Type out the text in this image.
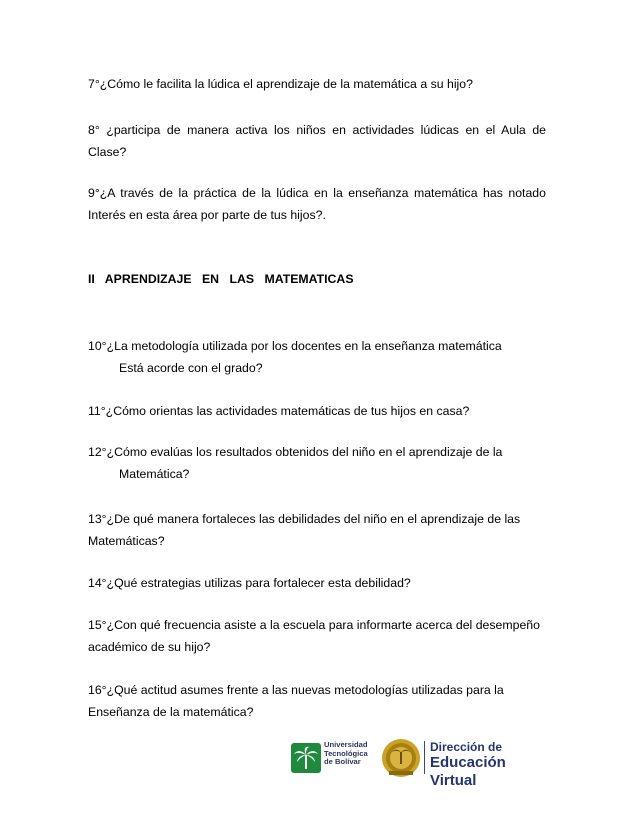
7°¿Cómo le facilita la lúdica el aprendizaje de la matemática a su hijo?

8° ¿participa de manera activa los niños en actividades lúdicas en el Aula de Clase?

9°¿A través de la práctica de la lúdica en la enseñanza matemática has notado Interés en esta área por parte de tus hijos?.

II APRENDIZAJE EN LAS MATEMATICAS

10°¿La metodología utilizada por los docentes en la enseñanza matemática
Está acorde con el grado?

11°¿Cómo orientas las actividades matemáticas de tus hijos en casa?

12°¿Cómo evalúas los resultados obtenidos del niño en el aprendizaje de la
Matemática?

13°¿De qué manera fortaleces las debilidades del niño en el aprendizaje de las Matemáticas?

14°¿Qué estrategias utilizas para fortalecer esta debilidad?

15°¿Con qué frecuencia asiste a la escuela para informarte acerca del desempeño académico de su hijo?

16°¿Qué actitud asumes frente a las nuevas metodologías utilizadas para la Enseñanza de la matemática?

Universidad
Tecnológica
de Bolívar
Dirección de
Educación Virtual
